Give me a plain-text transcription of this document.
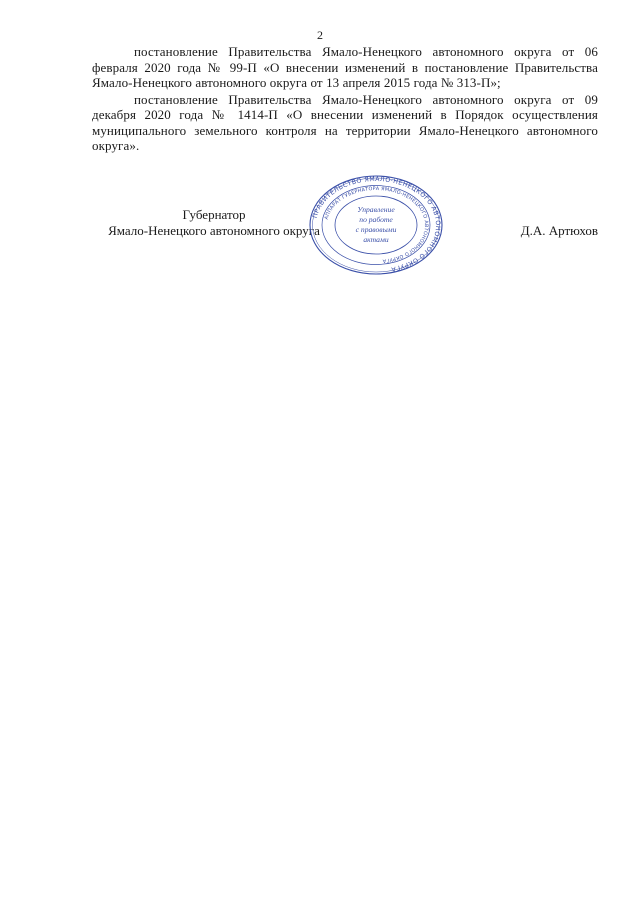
2

постановление Правительства Ямало-Ненецкого автономного округа от 06 февраля 2020 года № 99-П «О внесении изменений в постановление Правительства Ямало-Ненецкого автономного округа от 13 апреля 2015 года № 313-П»;

постановление Правительства Ямало-Ненецкого автономного округа от 09 декабря 2020 года № 1414-П «О внесении изменений в Порядок осуществления муниципального земельного контроля на территории Ямало-Ненецкого автономного округа».

Губернатор
Ямало-Ненецкого автономного округа	Д.А. Артюхов
ПРАВИТЕЛЬСТВО ЯМАЛО-НЕНЕЦКОГО АВТОНОМНОГО ОКРУГА
АППАРАТ ГУБЕРНАТОРА ЯМАЛО-НЕНЕЦКОГО АВТОНОМНОГО ОКРУГА
Управление
по работе
с правовыми
актами
